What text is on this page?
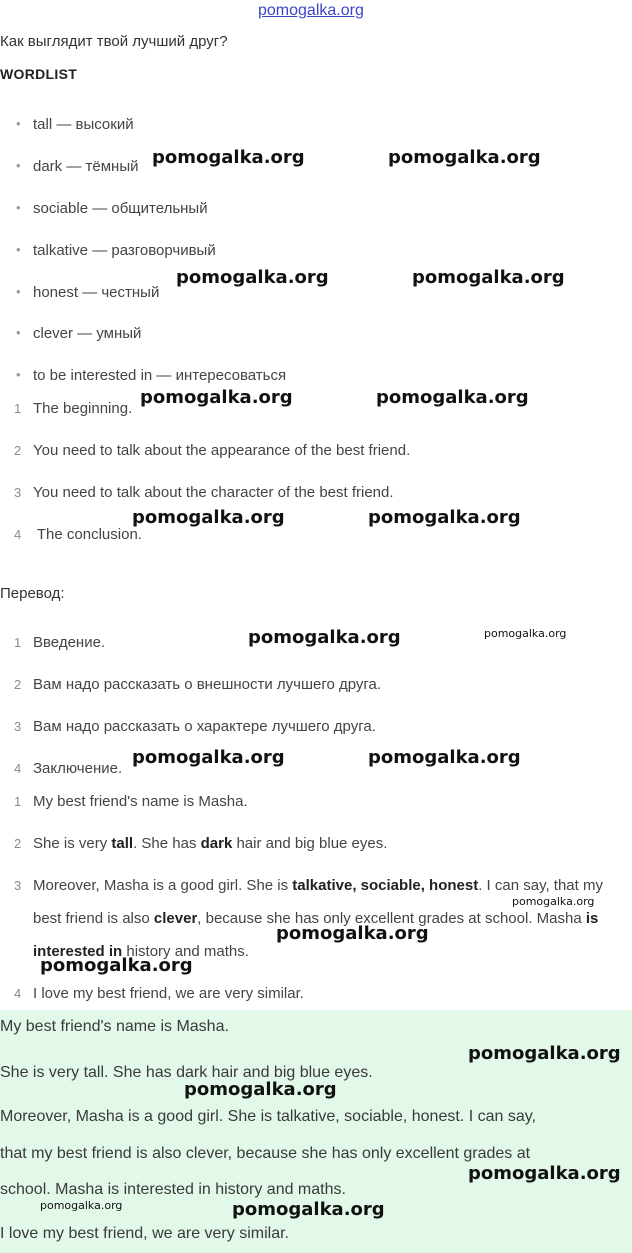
pomogalka.org
Как выглядит твой лучший друг?
WORDLIST
• tall — высокий
• dark — тёмный
• sociable — общительный
• talkative — разговорчивый
• honest — честный
• clever — умный
• to be interested in — интересоваться
1 The beginning.
2 You need to talk about the appearance of the best friend.
3 You need to talk about the character of the best friend.
4 The conclusion.
Перевод:
1 Введение.
2 Вам надо рассказать о внешности лучшего друга.
3 Вам надо рассказать о характере лучшего друга.
4 Заключение.
1 My best friend's name is Masha.
2 She is very tall. She has dark hair and big blue eyes.
3 Moreover, Masha is a good girl. She is talkative, sociable, honest. I can say, that my best friend is also clever, because she has only excellent grades at school. Masha is interested in history and maths.
4 I love my best friend, we are very similar.
My best friend's name is Masha.
She is very tall. She has dark hair and big blue eyes.
Moreover, Masha is a good girl. She is talkative, sociable, honest. I can say,
that my best friend is also clever, because she has only excellent grades at
school. Masha is interested in history and maths.
I love my best friend, we are very similar.
pomogalka.org	pomogalka.org
pomogalka.org	pomogalka.org
pomogalka.org	pomogalka.org
pomogalka.org	pomogalka.org
pomogalka.org	pomogalka.org
pomogalka.org	pomogalka.org
pomogalka.org
pomogalka.org
pomogalka.org
pomogalka.org
pomogalka.org
pomogalka.org
pomogalka.org	pomogalka.org
